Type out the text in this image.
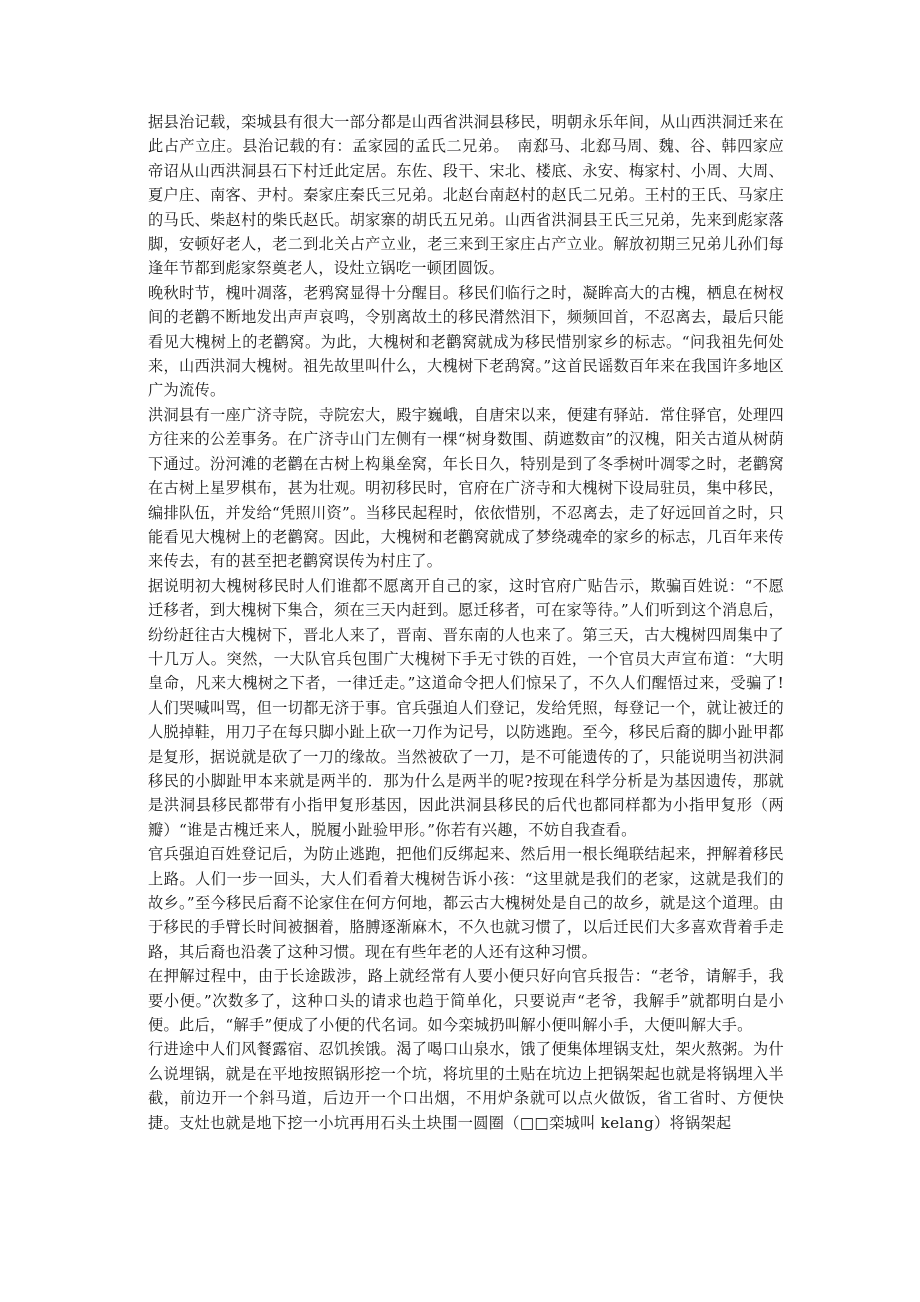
据县治记载，栾城县有很大一部分都是山西省洪洞县移民，明朝永乐年间，从山西洪洞迁来在此占产立庄。县治记载的有：孟家园的孟氏二兄弟。　南郄马、北郄马周、魏、谷、韩四家应帝诏从山西洪洞县石下村迁此定居。东佐、段干、宋北、楼底、永安、梅家村、小周、大周、夏户庄、南客、尹村。秦家庄秦氏三兄弟。北赵台南赵村的赵氏二兄弟。王村的王氏、马家庄的马氏、柴赵村的柴氏赵氏。胡家寨的胡氏五兄弟。山西省洪洞县王氏三兄弟，先来到彪家落脚，安顿好老人，老二到北关占产立业，老三来到王家庄占产立业。解放初期三兄弟儿孙们每逢年节都到彪家祭奠老人，设灶立锅吃一顿团圆饭。

晚秋时节，槐叶凋落，老鸦窝显得十分醒目。移民们临行之时，凝眸高大的古槐，栖息在树杈间的老鹳不断地发出声声哀鸣，令别离故土的移民潸然泪下，频频回首，不忍离去，最后只能看见大槐树上的老鹳窝。为此，大槐树和老鹳窝就成为移民惜别家乡的标志。“问我祖先何处来，山西洪洞大槐树。祖先故里叫什么，大槐树下老鸹窝。”这首民谣数百年来在我国许多地区广为流传。

洪洞县有一座广济寺院，寺院宏大，殿宇巍峨，自唐宋以来，便建有驿站．常住驿官，处理四方往来的公差事务。在广济寺山门左侧有一棵“树身数围、荫遮数亩”的汉槐，阳关古道从树荫下通过。汾河滩的老鹳在古树上构巢垒窝，年长日久，特别是到了冬季树叶凋零之时，老鹳窝在古树上星罗棋布，甚为壮观。明初移民时，官府在广济寺和大槐树下设局驻员，集中移民，编排队伍，并发给“凭照川资”。当移民起程时，依依惜别，不忍离去，走了好远回首之时，只能看见大槐树上的老鹳窝。因此，大槐树和老鹳窝就成了梦绕魂牵的家乡的标志，几百年来传来传去，有的甚至把老鹳窝误传为村庄了。

据说明初大槐树移民时人们谁都不愿离开自己的家，这时官府广贴告示，欺骗百姓说：“不愿迁移者，到大槐树下集合，须在三天内赶到。愿迁移者，可在家等待。”人们听到这个消息后，纷纷赶往古大槐树下，晋北人来了，晋南、晋东南的人也来了。第三天，古大槐树四周集中了十几万人。突然，一大队官兵包围广大槐树下手无寸铁的百姓，一个官员大声宣布道：“大明皇命，凡来大槐树之下者，一律迁走。”这道命令把人们惊呆了，不久人们醒悟过来，受骗了!人们哭喊叫骂，但一切都无济于事。官兵强迫人们登记，发给凭照，每登记一个，就让被迁的人脱掉鞋，用刀子在每只脚小趾上砍一刀作为记号，以防逃跑。至今，移民后裔的脚小趾甲都是复形，据说就是砍了一刀的缘故。当然被砍了一刀，是不可能遗传的了，只能说明当初洪洞移民的小脚趾甲本来就是两半的．那为什么是两半的呢?按现在科学分析是为基因遗传，那就是洪洞县移民都带有小指甲复形基因，因此洪洞县移民的后代也都同样都为小指甲复形（两瓣）“谁是古槐迁来人，脱履小趾验甲形。”你若有兴趣，不妨自我查看。

官兵强迫百姓登记后，为防止逃跑，把他们反绑起来、然后用一根长绳联结起来，押解着移民上路。人们一步一回头，大人们看着大槐树告诉小孩：“这里就是我们的老家，这就是我们的故乡。”至今移民后裔不论家住在何方何地，都云古大槐树处是自己的故乡，就是这个道理。由于移民的手臂长时间被捆着，胳膊逐渐麻木，不久也就习惯了，以后迁民们大多喜欢背着手走路，其后裔也沿袭了这种习惯。现在有些年老的人还有这种习惯。

在押解过程中，由于长途跋涉，路上就经常有人要小便只好向官兵报告：“老爷，请解手，我要小便。”次数多了，这种口头的请求也趋于简单化，只要说声“老爷，我解手”就都明白是小便。此后，“解手”便成了小便的代名词。如今栾城扔叫解小便叫解小手，大便叫解大手。

行进途中人们风餐露宿、忍饥挨饿。渴了喝口山泉水，饿了便集体埋锅支灶，架火熬粥。为什么说埋锅，就是在平地按照锅形挖一个坑，将坑里的土贴在坑边上把锅架起也就是将锅埋入半截，前边开一个斜马道，后边开一个口出烟，不用炉条就可以点火做饭，省工省时、方便快捷。支灶也就是地下挖一小坑再用石头土块围一圆圈（□□栾城叫 kelang）将锅架起
